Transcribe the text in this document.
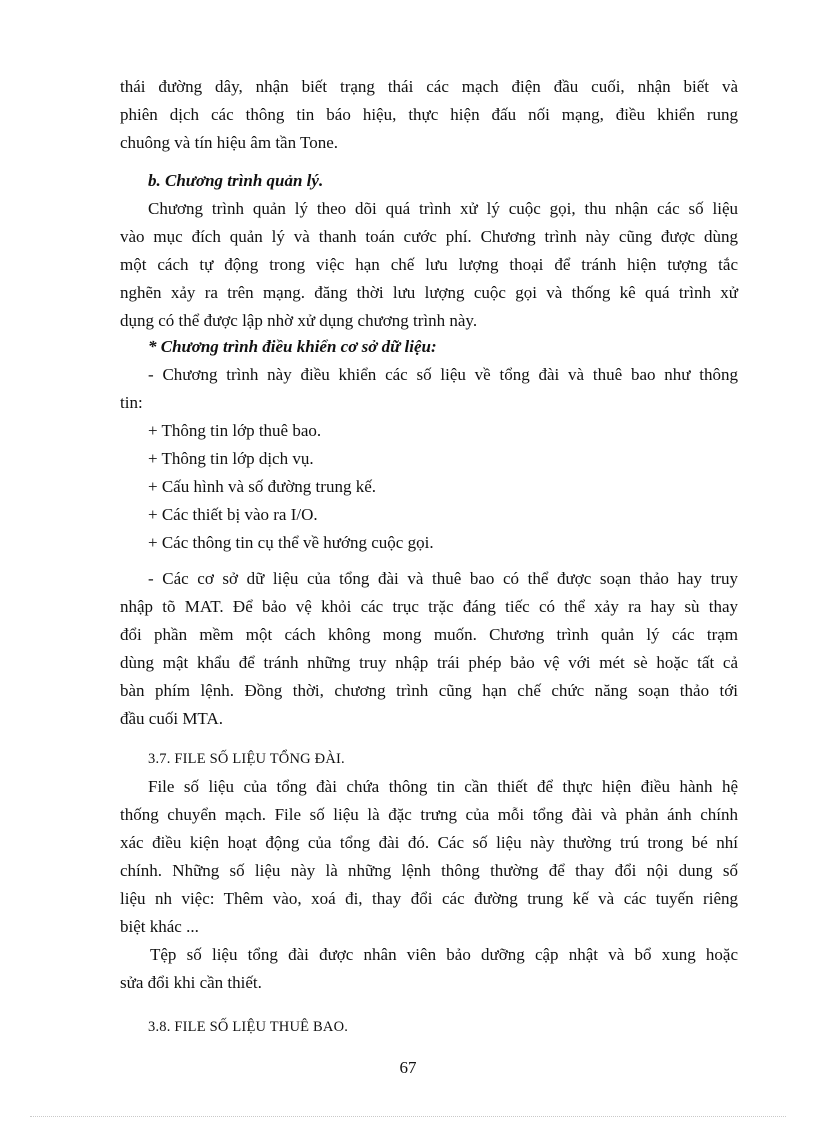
thái đường dây, nhận biết trạng thái các mạch điện đầu cuối, nhận biết và
phiên dịch các thông tin báo hiệu, thực hiện đấu nối mạng, điều khiển rung
chuông và tín hiệu âm tần Tone.
b. Chương trình quản lý.
Chương trình quản lý theo dõi quá trình xử lý cuộc gọi, thu nhận các số liệu
vào mục đích quản lý và thanh toán cước phí. Chương trình này cũng được dùng
một cách tự động trong việc hạn chế lưu lượng thoại để tránh hiện tượng tắc
nghẽn xảy ra trên mạng. đăng thời lưu lượng cuộc gọi và thống kê quá trình xử
dụng có thể được lập nhờ xử dụng chương trình này.
* Chương trình điều khiển cơ sở dữ liệu:
- Chương trình này điều khiển các số liệu về tổng đài và thuê bao như thông
tin:
+ Thông tin lớp thuê bao.
+ Thông tin lớp dịch vụ.
+ Cấu hình và số đường trung kế.
+ Các thiết bị vào ra I/O.
+ Các thông tin cụ thể về hướng cuộc gọi.
- Các cơ sở dữ liệu của tổng đài và thuê bao có thể được soạn thảo hay truy
nhập tõ MAT. Để bảo vệ khỏi các trục trặc đáng tiếc có thể xảy ra hay sù thay
đổi phần mềm một cách không mong muốn. Chương trình quản lý các trạm
dùng mật khẩu để tránh những truy nhập trái phép bảo vệ với mét sè hoặc tất cả
bàn phím lệnh. Đồng thời, chương trình cũng hạn chế chức năng soạn thảo tới
đầu cuối MTA.
3.7. FILE SỐ LIỆU TỔNG ĐÀI.
File số liệu của tổng đài chứa thông tin cần thiết để thực hiện điều hành hệ
thống chuyển mạch. File số liệu là đặc trưng của mỗi tổng đài và phản ánh chính
xác điều kiện hoạt động của tổng đài đó. Các số liệu này thường trú trong bé nhí
chính. Những số liệu này là những lệnh thông thường để thay đổi nội dung số
liệu nh việc: Thêm vào, xoá đi, thay đổi các đường trung kế và các tuyến riêng
biệt khác ...
Tệp số liệu tổng đài được nhân viên bảo dưỡng cập nhật và bổ xung hoặc
sửa đổi khi cần thiết.
3.8. FILE SỐ LIỆU THUÊ BAO.
67
